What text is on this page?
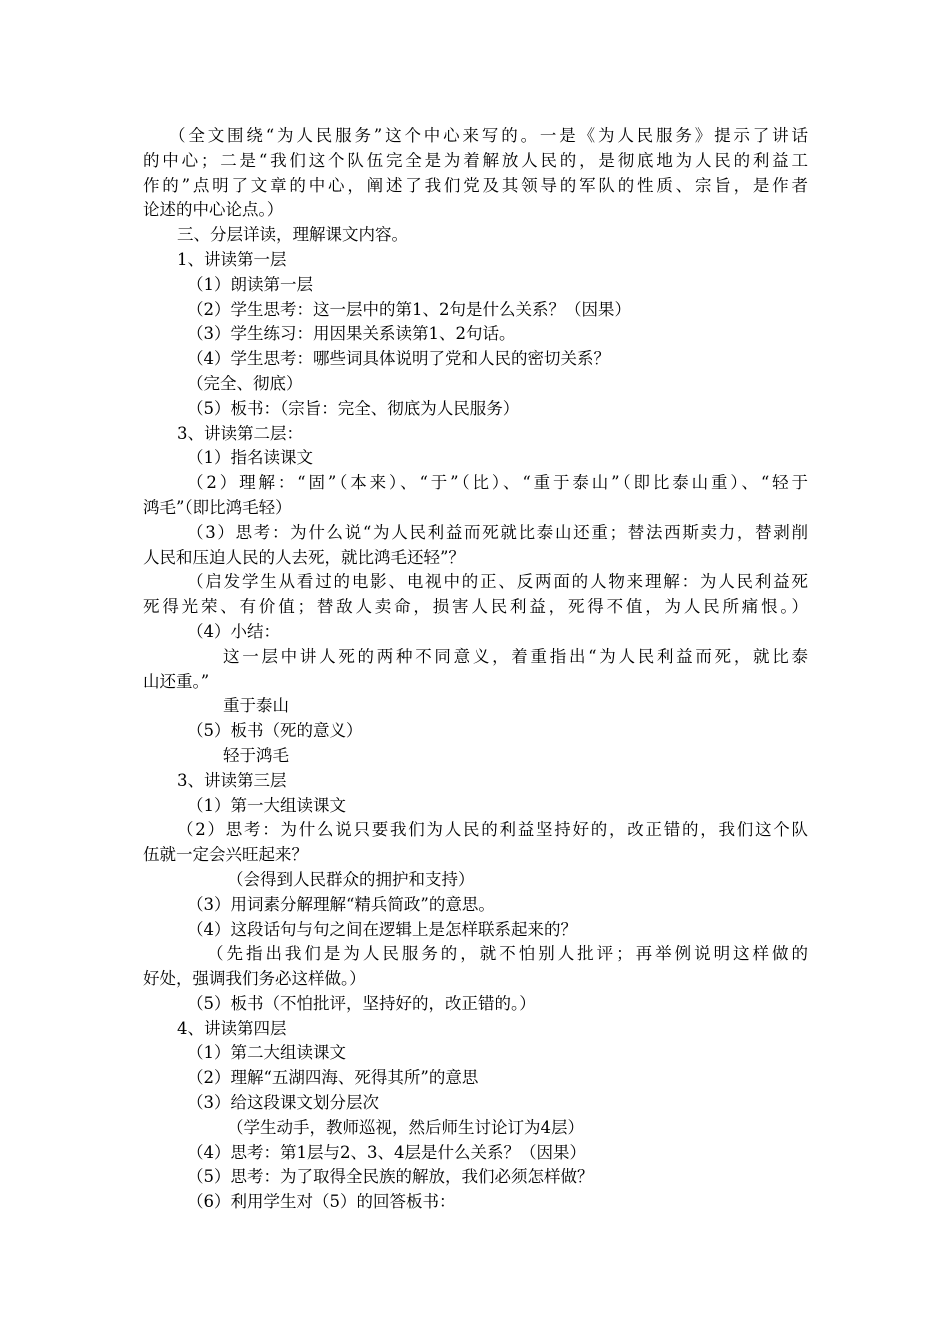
（全文围绕“为人民服务”这个中心来写的。一是《为人民服务》提示了讲话

的中心；二是“我们这个队伍完全是为着解放人民的，是彻底地为人民的利益工

作的”点明了文章的中心，阐述了我们党及其领导的军队的性质、宗旨，是作者

论述的中心论点。）

三、分层详读，理解课文内容。

1、讲读第一层

（1）朗读第一层

（2）学生思考：这一层中的第1、2句是什么关系？（因果）

（3）学生练习：用因果关系读第1、2句话。

（4）学生思考：哪些词具体说明了党和人民的密切关系？

（完全、彻底）

（5）板书：（宗旨：完全、彻底为人民服务）

3、讲读第二层：

（1）指名读课文

（2）理解：“固”（本来）、“于”（比）、“重于泰山”（即比泰山重）、“轻于

鸿毛”（即比鸿毛轻）

（3）思考：为什么说“为人民利益而死就比泰山还重；替法西斯卖力，替剥削

人民和压迫人民的人去死，就比鸿毛还轻”？

（启发学生从看过的电影、电视中的正、反两面的人物来理解：为人民利益死

死得光荣、有价值；替敌人卖命，损害人民利益，死得不值，为人民所痛恨。）

（4）小结：

这一层中讲人死的两种不同意义，着重指出“为人民利益而死，就比泰

山还重。”

重于泰山

（5）板书（死的意义）

轻于鸿毛

3、讲读第三层

（1）第一大组读课文

（2）思考：为什么说只要我们为人民的利益坚持好的，改正错的，我们这个队

伍就一定会兴旺起来？

（会得到人民群众的拥护和支持）

（3）用词素分解理解“精兵简政”的意思。

（4）这段话句与句之间在逻辑上是怎样联系起来的？

（先指出我们是为人民服务的，就不怕别人批评；再举例说明这样做的

好处，强调我们务必这样做。）

（5）板书（不怕批评，坚持好的，改正错的。）

4、讲读第四层

（1）第二大组读课文

（2）理解“五湖四海、死得其所”的意思

（3）给这段课文划分层次

（学生动手，教师巡视，然后师生讨论订为4层）

（4）思考：第1层与2、3、4层是什么关系？（因果）

（5）思考：为了取得全民族的解放，我们必须怎样做？

（6）利用学生对（5）的回答板书：
